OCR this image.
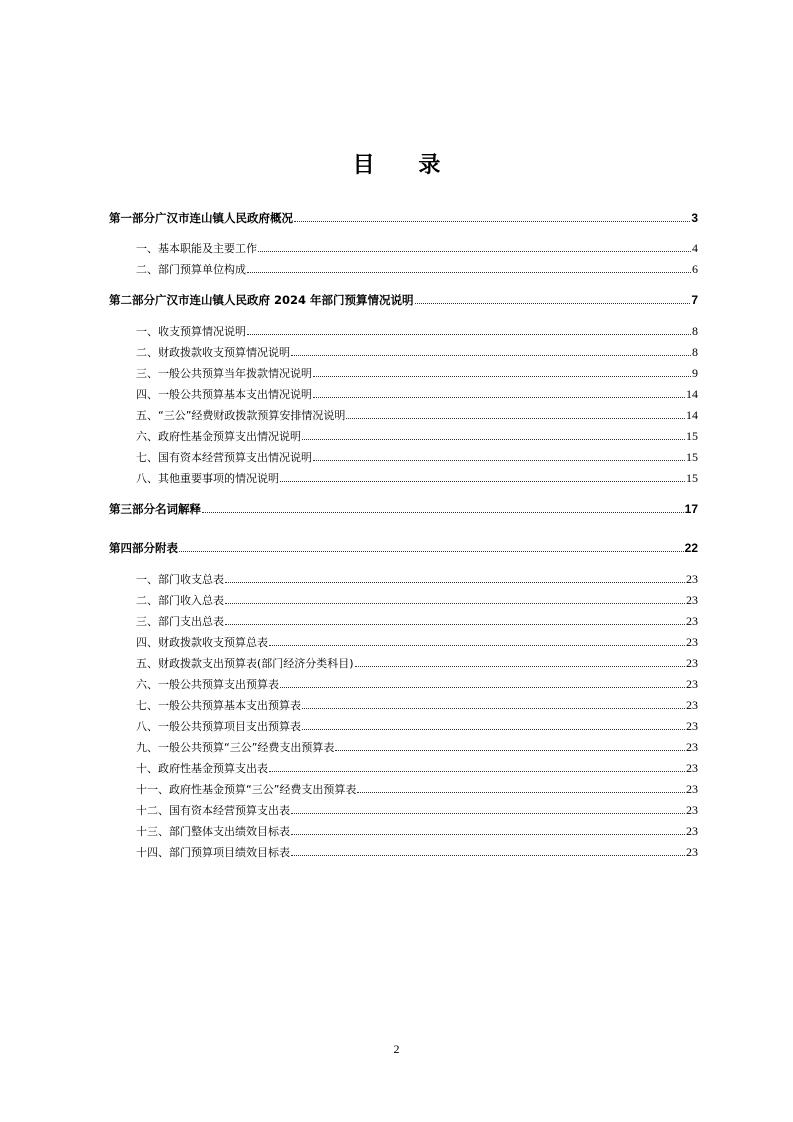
目 录
第一部分广汉市连山镇人民政府概况	3
一、基本职能及主要工作	4
二、部门预算单位构成	6
第二部分广汉市连山镇人民政府 2024 年部门预算情况说明	7
一、收支预算情况说明	8
二、财政拨款收支预算情况说明	8
三、一般公共预算当年拨款情况说明	9
四、一般公共预算基本支出情况说明	14
五、“三公”经费财政拨款预算安排情况说明	14
六、政府性基金预算支出情况说明	15
七、国有资本经营预算支出情况说明	15
八、其他重要事项的情况说明	15
第三部分名词解释	17
第四部分附表	22
一、部门收支总表	23
二、部门收入总表	23
三、部门支出总表	23
四、财政拨款收支预算总表	23
五、财政拨款支出预算表(部门经济分类科目)	23
六、一般公共预算支出预算表	23
七、一般公共预算基本支出预算表	23
八、一般公共预算项目支出预算表	23
九、一般公共预算“三公”经费支出预算表	23
十、政府性基金预算支出表	23
十一、政府性基金预算“三公”经费支出预算表	23
十二、国有资本经营预算支出表	23
十三、部门整体支出绩效目标表	23
十四、部门预算项目绩效目标表	23
2
